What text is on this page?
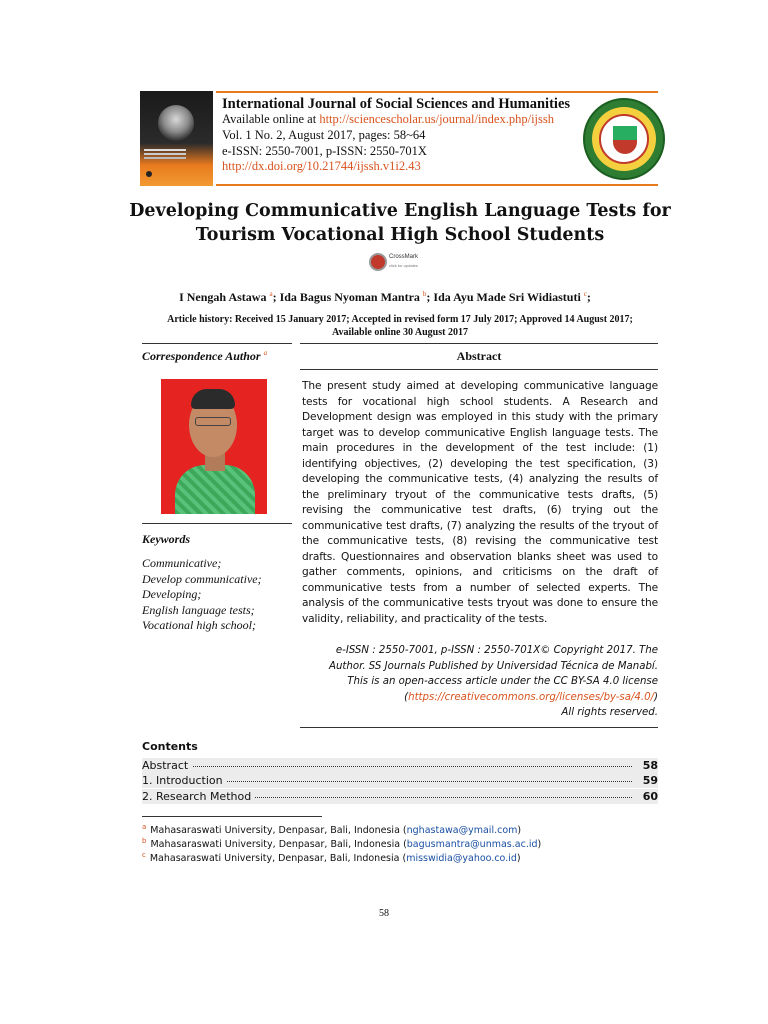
International Journal of Social Sciences and Humanities
Available online at http://sciencescholar.us/journal/index.php/ijssh
Vol. 1 No. 2, August 2017, pages: 58~64
e-ISSN: 2550-7001, p-ISSN: 2550-701X
http://dx.doi.org/10.21744/ijssh.v1i2.43
Developing Communicative English Language Tests for
Tourism Vocational High School Students
CrossMark
click for updates
I Nengah Astawa $^a$; Ida Bagus Nyoman Mantra $^b$; Ida Ayu Made Sri Widiastuti $^c$;
Article history: Received 15 January 2017; Accepted in revised form 17 July 2017; Approved 14 August 2017;
Available online 30 August 2017
Correspondence Author $^a$
Keywords
Communicative;
Develop communicative;
Developing;
English language tests;
Vocational high school;
Abstract
The present study aimed at developing communicative language tests for vocational high school students. A Research and Development design was employed in this study with the primary target was to develop communicative English language tests. The main procedures in the development of the test include: (1) identifying objectives, (2) developing the test specification, (3) developing the communicative tests, (4) analyzing the results of the preliminary tryout of the communicative tests drafts, (5) revising the communicative test drafts, (6) trying out the communicative test drafts, (7) analyzing the results of the tryout of the communicative tests, (8) revising the communicative test drafts. Questionnaires and observation blanks sheet was used to gather comments, opinions, and criticisms on the draft of communicative tests from a number of selected experts. The analysis of the communicative tests tryout was done to ensure the validity, reliability, and practicality of the tests.
e-ISSN : 2550-7001, p-ISSN : 2550-701X© Copyright 2017. The
Author. SS Journals Published by Universidad Técnica de Manabí.
This is an open-access article under the CC BY-SA 4.0 license
(https://creativecommons.org/licenses/by-sa/4.0/)
All rights reserved.
Contents
Abstract	58
1. Introduction	59
2. Research Method	60
$^a$ Mahasaraswati University, Denpasar, Bali, Indonesia (nghastawa@ymail.com)
$^b$ Mahasaraswati University, Denpasar, Bali, Indonesia (bagusmantra@unmas.ac.id)
$^c$ Mahasaraswati University, Denpasar, Bali, Indonesia (misswidia@yahoo.co.id)
58
